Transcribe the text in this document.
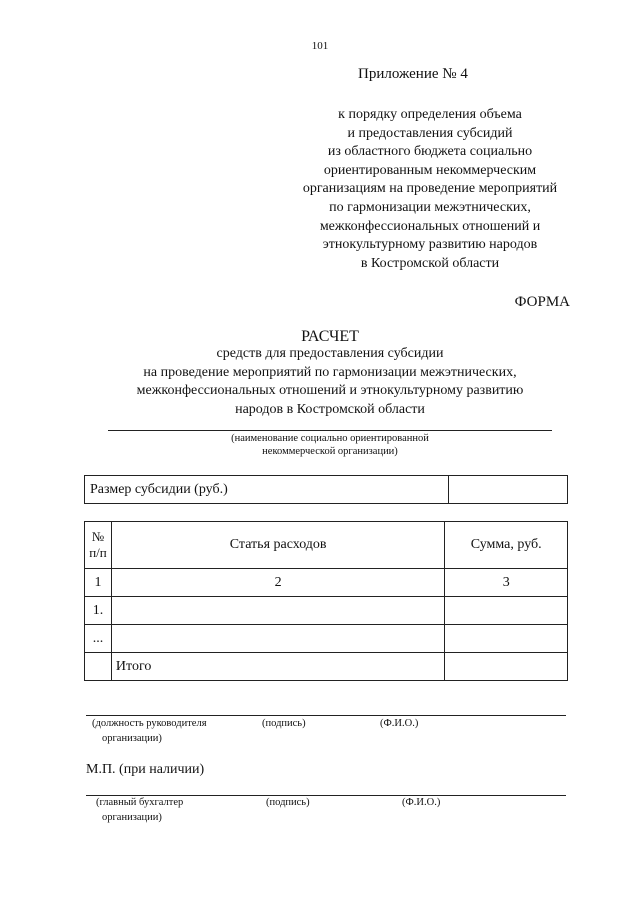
101
Приложение № 4
к порядку определения объема
и предоставления субсидий
из областного бюджета социально
ориентированным некоммерческим
организациям на проведение мероприятий
по гармонизации межэтнических,
межконфессиональных отношений и
этнокультурному развитию народов
в Костромской области
ФОРМА
РАСЧЕТ
средств для предоставления субсидии
на проведение мероприятий по гармонизации межэтнических,
межконфессиональных отношений и этнокультурному развитию
народов в Костромской области
(наименование социально ориентированной
некоммерческой организации)
Размер субсидии (руб.)	
№
п/п	Статья расходов	Сумма, руб.
1	2	3
1.		
...		
	Итого	
(должность руководителя
организации)
(подпись)	(Ф.И.О.)
М.П. (при наличии)
(главный бухгалтер
организации)
(подпись)	(Ф.И.О.)
